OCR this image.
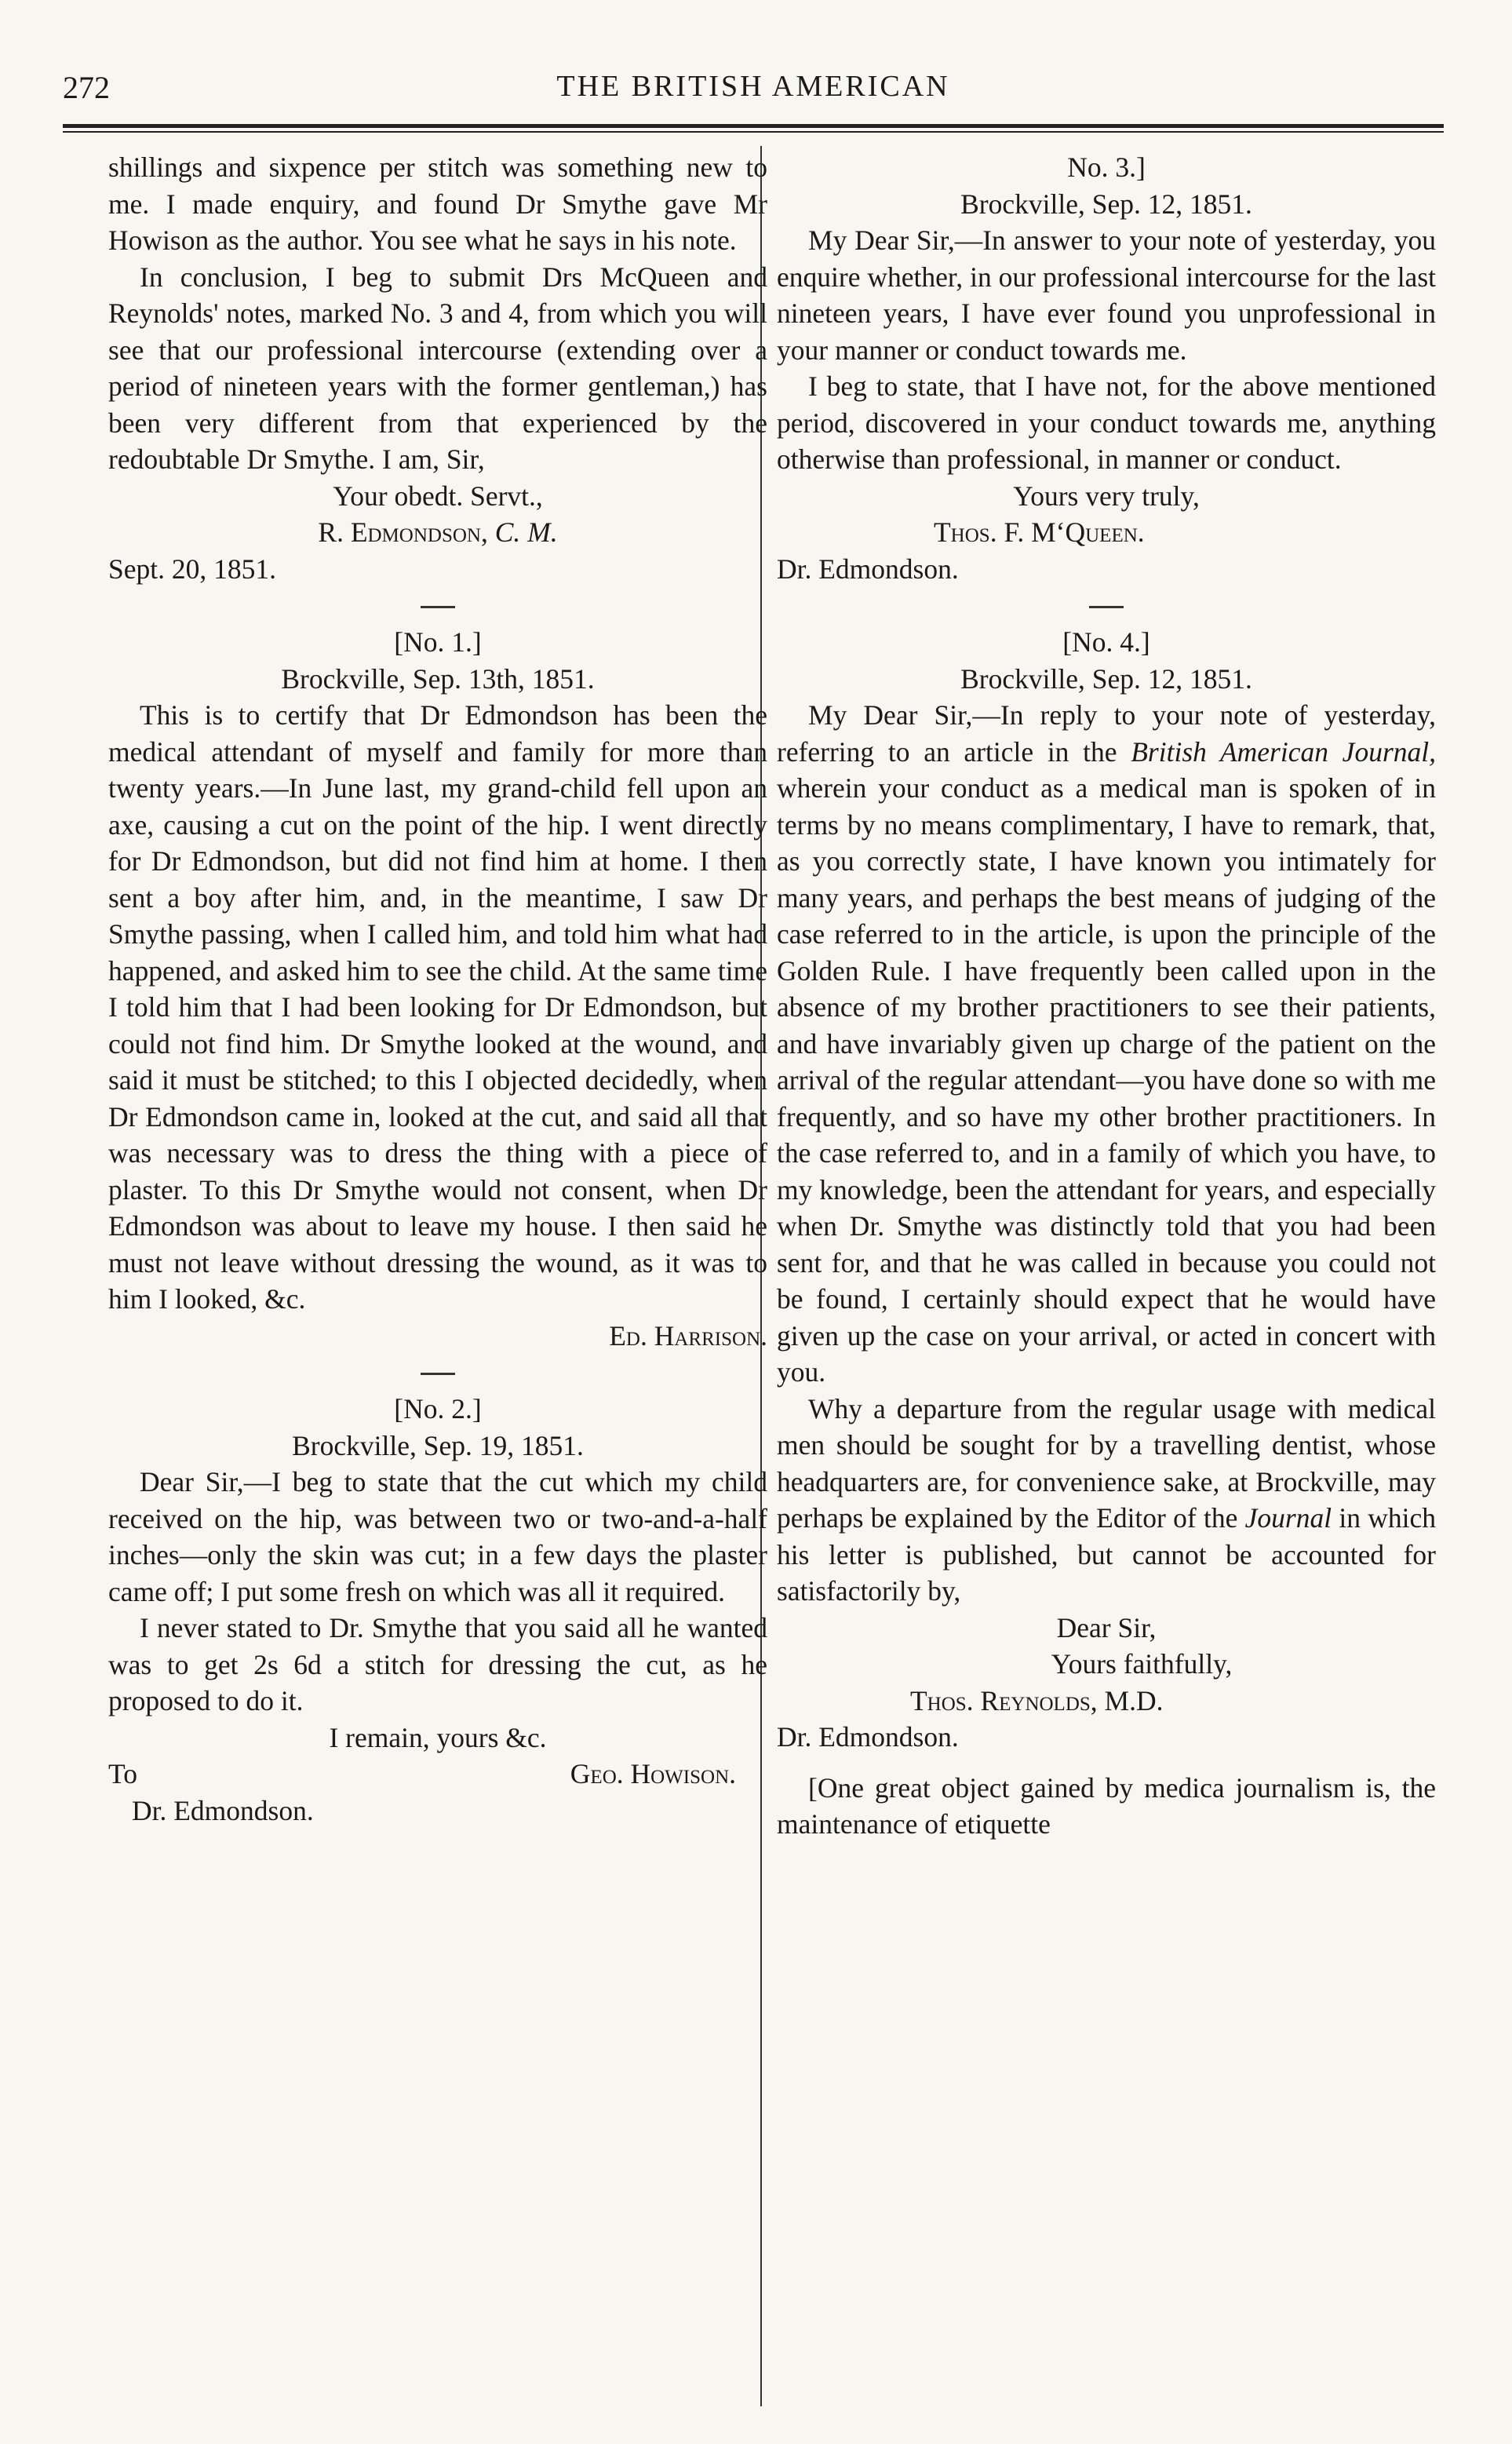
272	THE BRITISH AMERICAN

shillings and sixpence per stitch was something new to me. I made enquiry, and found Dr Smythe gave Mr Howison as the author. You see what he says in his note.

In conclusion, I beg to submit Drs McQueen and Reynolds' notes, marked No. 3 and 4, from which you will see that our professional intercourse (extending over a period of nineteen years with the former gentleman,) has been very different from that experienced by the redoubtable Dr Smythe. I am, Sir,

Your obedt. Servt.,

R. Edmondson, C. M.

Sept. 20, 1851.

[No. 1.]

Brockville, Sep. 13th, 1851.

This is to certify that Dr Edmondson has been the medical attendant of myself and family for more than twenty years.—In June last, my grand-child fell upon an axe, causing a cut on the point of the hip. I went directly for Dr Edmondson, but did not find him at home. I then sent a boy after him, and, in the meantime, I saw Dr Smythe passing, when I called him, and told him what had happened, and asked him to see the child. At the same time I told him that I had been looking for Dr Edmondson, but could not find him. Dr Smythe looked at the wound, and said it must be stitched; to this I objected decidedly, when Dr Edmondson came in, looked at the cut, and said all that was necessary was to dress the thing with a piece of plaster. To this Dr Smythe would not consent, when Dr Edmondson was about to leave my house. I then said he must not leave without dressing the wound, as it was to him I looked, &c.

Ed. Harrison.

[No. 2.]

Brockville, Sep. 19, 1851.

Dear Sir,—I beg to state that the cut which my child received on the hip, was between two or two-and-a-half inches—only the skin was cut; in a few days the plaster came off; I put some fresh on which was all it required.

I never stated to Dr. Smythe that you said all he wanted was to get 2s 6d a stitch for dressing the cut, as he proposed to do it.

I remain, yours &c.

To	Geo. Howison.

Dr. Edmondson.

No. 3.]

Brockville, Sep. 12, 1851.

My Dear Sir,—In answer to your note of yesterday, you enquire whether, in our professional intercourse for the last nineteen years, I have ever found you unprofessional in your manner or conduct towards me.

I beg to state, that I have not, for the above mentioned period, discovered in your conduct towards me, anything otherwise than professional, in manner or conduct.

Yours very truly,

Thos. F. M‘Queen.

Dr. Edmondson.

[No. 4.]

Brockville, Sep. 12, 1851.

My Dear Sir,—In reply to your note of yesterday, referring to an article in the British American Journal, wherein your conduct as a medical man is spoken of in terms by no means complimentary, I have to remark, that, as you correctly state, I have known you intimately for many years, and perhaps the best means of judging of the case referred to in the article, is upon the principle of the Golden Rule. I have frequently been called upon in the absence of my brother practitioners to see their patients, and have invariably given up charge of the patient on the arrival of the regular attendant—you have done so with me frequently, and so have my other brother practitioners. In the case referred to, and in a family of which you have, to my knowledge, been the attendant for years, and especially when Dr. Smythe was distinctly told that you had been sent for, and that he was called in because you could not be found, I certainly should expect that he would have given up the case on your arrival, or acted in concert with you.

Why a departure from the regular usage with medical men should be sought for by a travelling dentist, whose headquarters are, for convenience sake, at Brockville, may perhaps be explained by the Editor of the Journal in which his letter is published, but cannot be accounted for satisfactorily by,

Dear Sir,

Yours faithfully,

Thos. Reynolds, M.D.

Dr. Edmondson.

[One great object gained by medica journalism is, the maintenance of etiquette
